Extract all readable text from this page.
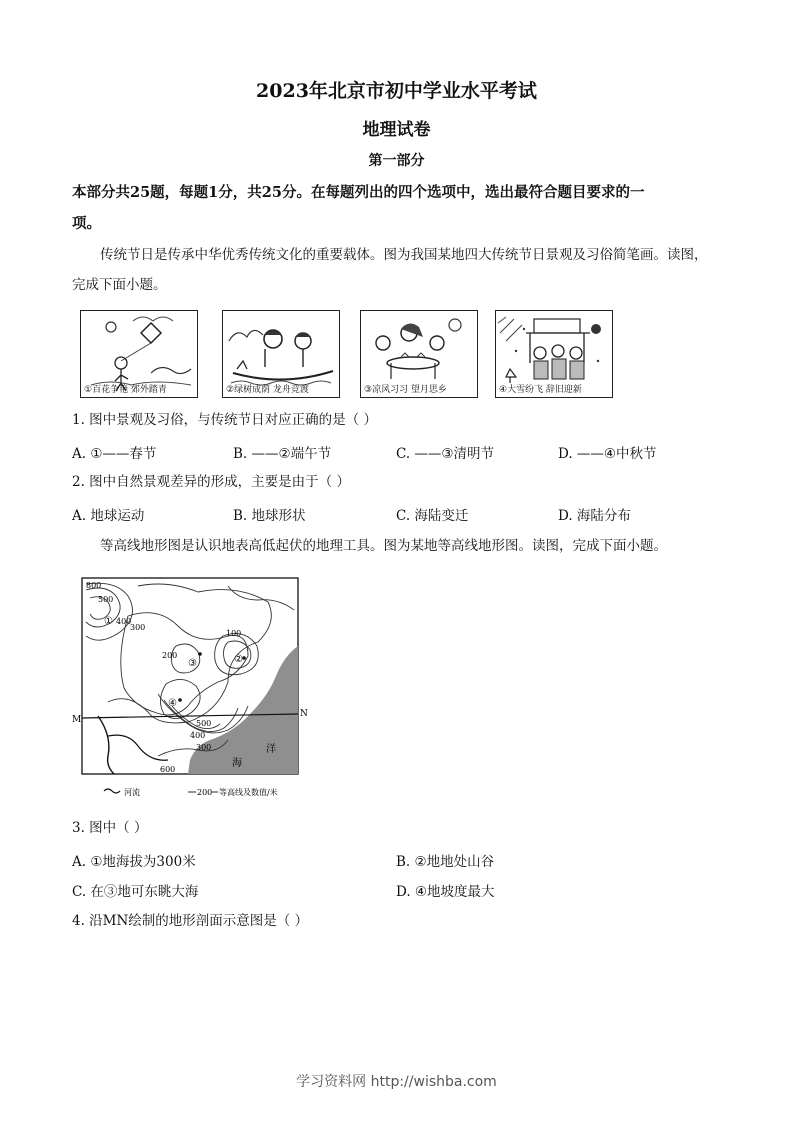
2023年北京市初中学业水平考试
地理试卷
第一部分
本部分共25题，每题1分，共25分。在每题列出的四个选项中，选出最符合题目要求的一
项。
传统节日是传承中华优秀传统文化的重要载体。图为我国某地四大传统节日景观及习俗简笔画。读图，
完成下面小题。
①百花争艳 郊外踏青	②绿树成荫 龙舟竞渡	③凉风习习 望月思乡	④大雪纷飞 辞旧迎新
1. 图中景观及习俗，与传统节日对应正确的是（ ）
A. ①——春节	B. ——②端午节	C. ——③清明节	D. ——④中秋节
2. 图中自然景观差异的形成，主要是由于（ ）
A. 地球运动	B. 地球形状	C. 海陆变迁	D. 海陆分布
等高线地形图是认识地表高低起伏的地理工具。图为某地等高线地形图。读图，完成下面小题。
800
500
400
300
200
100
①
②
③
④
500
400
300
600
M
N
海
洋
河流	200 等高线及数值/米
3. 图中（ ）
A. ①地海拔为300米	B. ②地地处山谷
C. 在③地可东眺大海	D. ④地坡度最大
4. 沿MN绘制的地形剖面示意图是（ ）
学习资料网 http://wishba.com
